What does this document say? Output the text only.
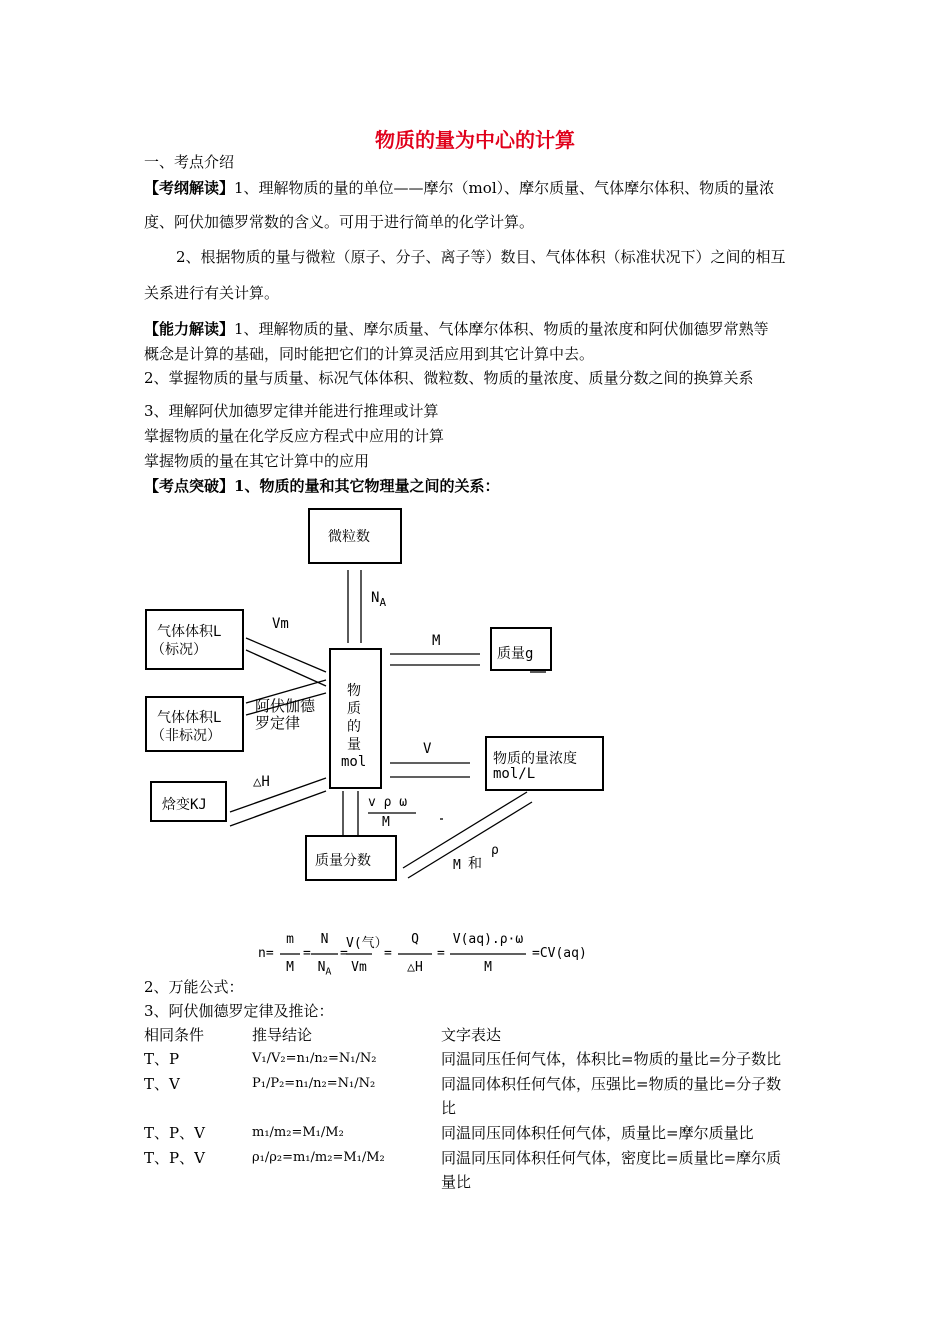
物质的量为中心的计算
一、考点介绍
【考纲解读】1、理解物质的量的单位——摩尔（mol）、摩尔质量、气体摩尔体积、物质的量浓
度、阿伏加德罗常数的含义。可用于进行简单的化学计算。
2、根据物质的量与微粒（原子、分子、离子等）数目、气体体积（标准状况下）之间的相互
关系进行有关计算。
【能力解读】1、理解物质的量、摩尔质量、气体摩尔体积、物质的量浓度和阿伏伽德罗常熟等
概念是计算的基础，同时能把它们的计算灵活应用到其它计算中去。
2、掌握物质的量与质量、标况气体体积、微粒数、物质的量浓度、质量分数之间的换算关系
3、理解阿伏加德罗定律并能进行推理或计算
掌握物质的量在化学反应方程式中应用的计算
掌握物质的量在其它计算中的应用
【考点突破】1、物质的量和其它物理量之间的关系：
微粒数
$N_A$
气体体积L
（标况）
Vm
质量g
M
气体体积L
（非标况）
阿伏伽德
罗定律
物
质
的
量
mol
V
物质的量浓度
mol/L
焓变KJ
△H
v ρ ω
M
质量分数	M 和
ρ
n=
m
M
=
N
$N_A$
=
V(气）
Vm
=
Q
△H
=
V(aq).ρ·ω
M
=CV(aq)
2、万能公式：
3、阿伏伽德罗定律及推论：
相同条件	推导结论	文字表达
T、P	V₁/V₂=n₁/n₂=N₁/N₂	同温同压任何气体，体积比=物质的量比=分子数比
T、V	P₁/P₂=n₁/n₂=N₁/N₂	同温同体积任何气体，压强比=物质的量比=分子数
比
T、P、V	m₁/m₂=M₁/M₂	同温同压同体积任何气体，质量比=摩尔质量比
T、P、V	ρ₁/ρ₂=m₁/m₂=M₁/M₂	同温同压同体积任何气体，密度比=质量比=摩尔质
量比
